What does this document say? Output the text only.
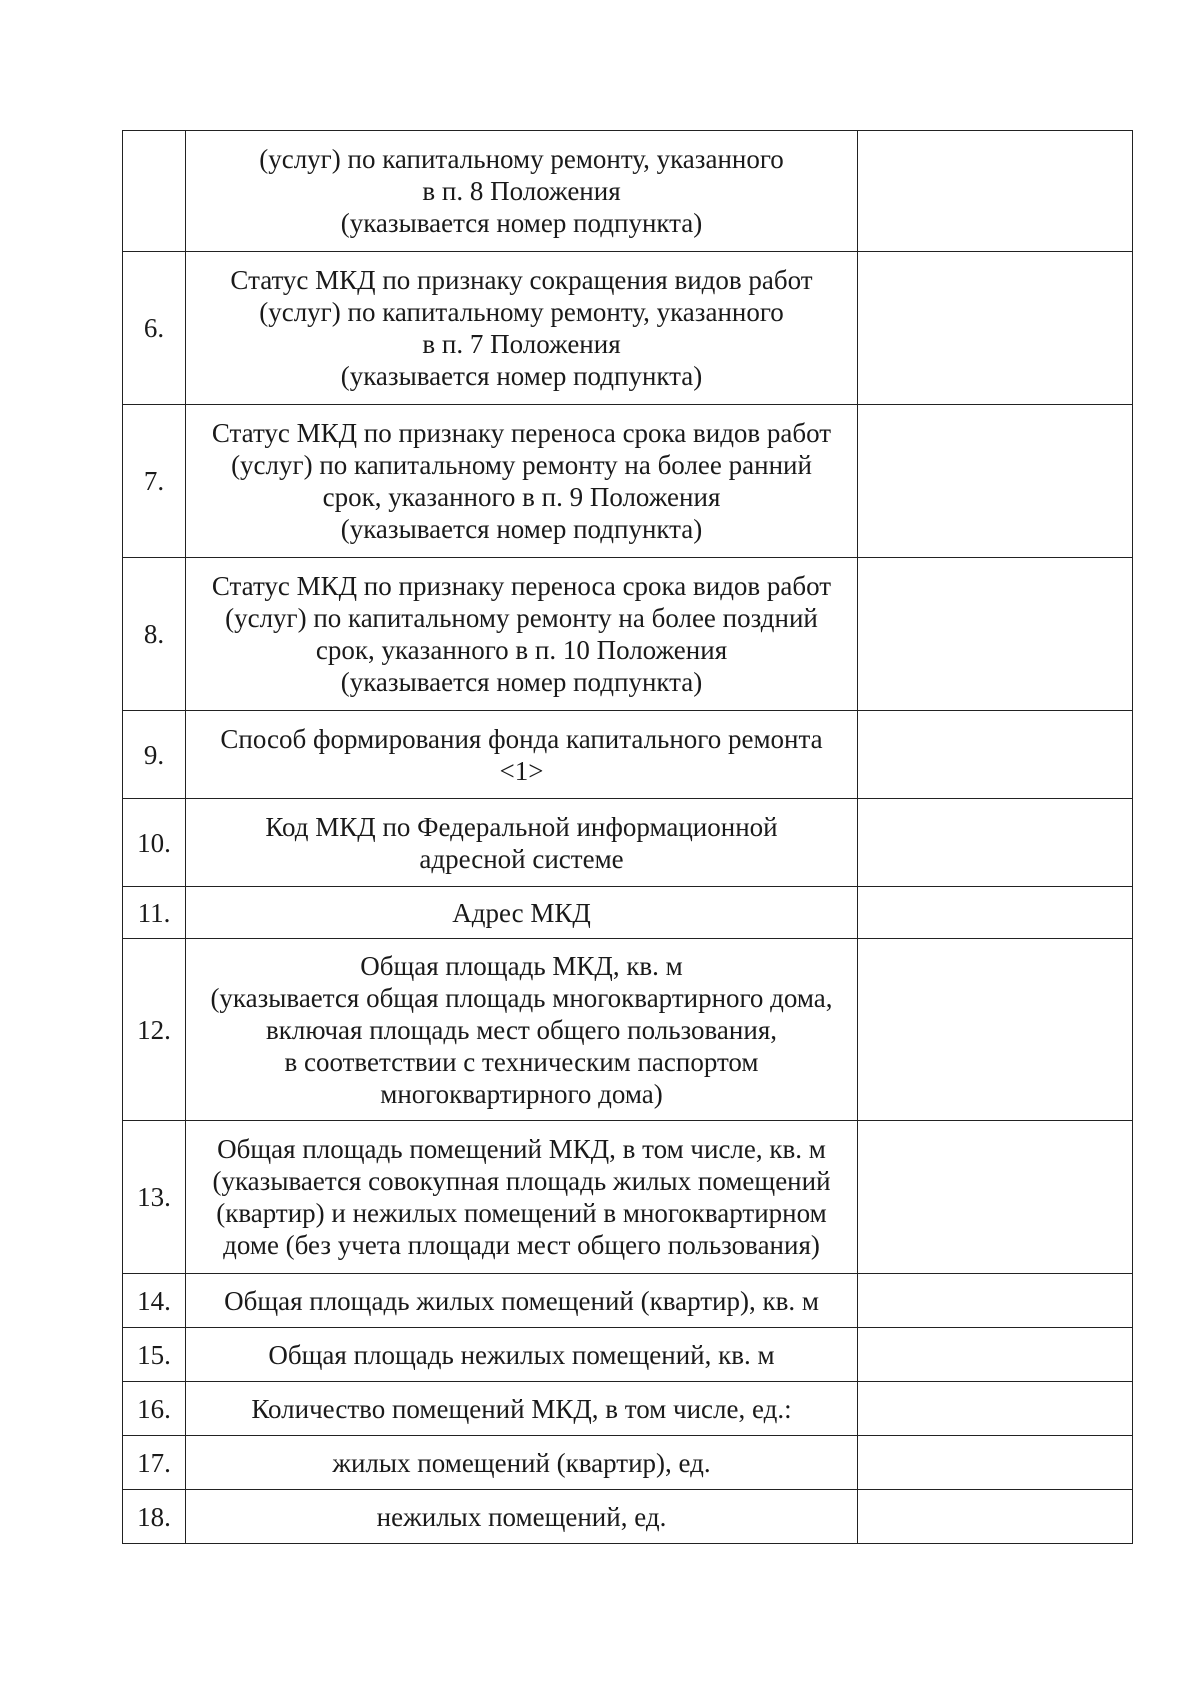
	(услуг) по капитальному ремонту, указанного
в п. 8 Положения
(указывается номер подпункта)	

6.	Статус МКД по признаку сокращения видов работ
(услуг) по капитальному ремонту, указанного
в п. 7 Положения
(указывается номер подпункта)	

7.	Статус МКД по признаку переноса срока видов работ
(услуг) по капитальному ремонту на более ранний
срок, указанного в п. 9 Положения
(указывается номер подпункта)	

8.	Статус МКД по признаку переноса срока видов работ
(услуг) по капитальному ремонту на более поздний
срок, указанного в п. 10 Положения
(указывается номер подпункта)	

9.	Способ формирования фонда капитального ремонта
<1>	

10.	Код МКД по Федеральной информационной
адресной системе	

11.	Адрес МКД	

12.	Общая площадь МКД, кв. м
(указывается общая площадь многоквартирного дома,
включая площадь мест общего пользования,
в соответствии с техническим паспортом
многоквартирного дома)	

13.	Общая площадь помещений МКД, в том числе, кв. м
(указывается совокупная площадь жилых помещений
(квартир) и нежилых помещений в многоквартирном
доме (без учета площади мест общего пользования)	

14.	Общая площадь жилых помещений (квартир), кв. м	

15.	Общая площадь нежилых помещений, кв. м	

16.	Количество помещений МКД, в том числе, ед.:	

17.	жилых помещений (квартир), ед.	

18.	нежилых помещений, ед.	
